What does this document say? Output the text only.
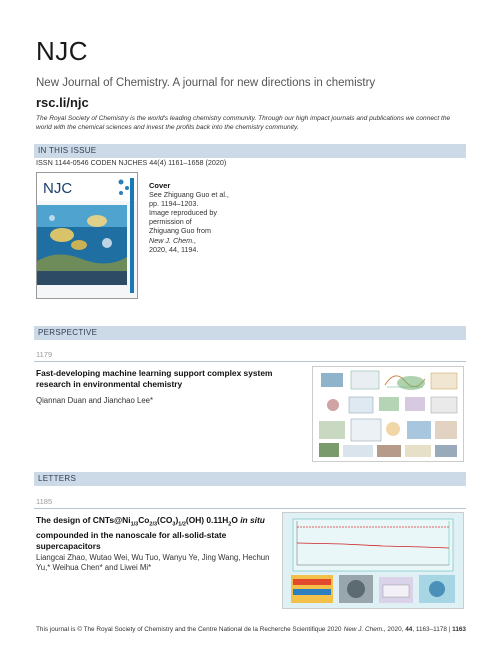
NJC
New Journal of Chemistry. A journal for new directions in chemistry
rsc.li/njc
The Royal Society of Chemistry is the world's leading chemistry community. Through our high impact journals and publications we connect the world with the chemical sciences and invest the profits back into the chemistry community.
IN THIS ISSUE
ISSN 1144-0546 CODEN NJCHES 44(4) 1161–1658 (2020)
NJC	Cover
See Zhiguang Guo et al.,
pp. 1194–1203.
Image reproduced by
permission of
Zhiguang Guo from
New J. Chem.,
2020, 44, 1194.
PERSPECTIVE
1179
Fast-developing machine learning support complex system research in environmental chemistry
Qiannan Duan and Jianchao Lee*
LETTERS
1185
The design of $CNTs@Ni_{1/3}Co_{2/3}(CO_3)_{1/2}(OH)$ $0.11H_2O$ in situ compounded in the nanoscale for all-solid-state supercapacitors
Liangcai Zhao, Wutao Wei, Wu Tuo, Wanyu Ye, Jing Wang, Hechun Yu,* Weihua Chen* and Liwei Mi*
This journal is © The Royal Society of Chemistry and the Centre National de la Recherche Scientifique 2020 New J. Chem., 2020, 44, 1163–1178 | 1163
